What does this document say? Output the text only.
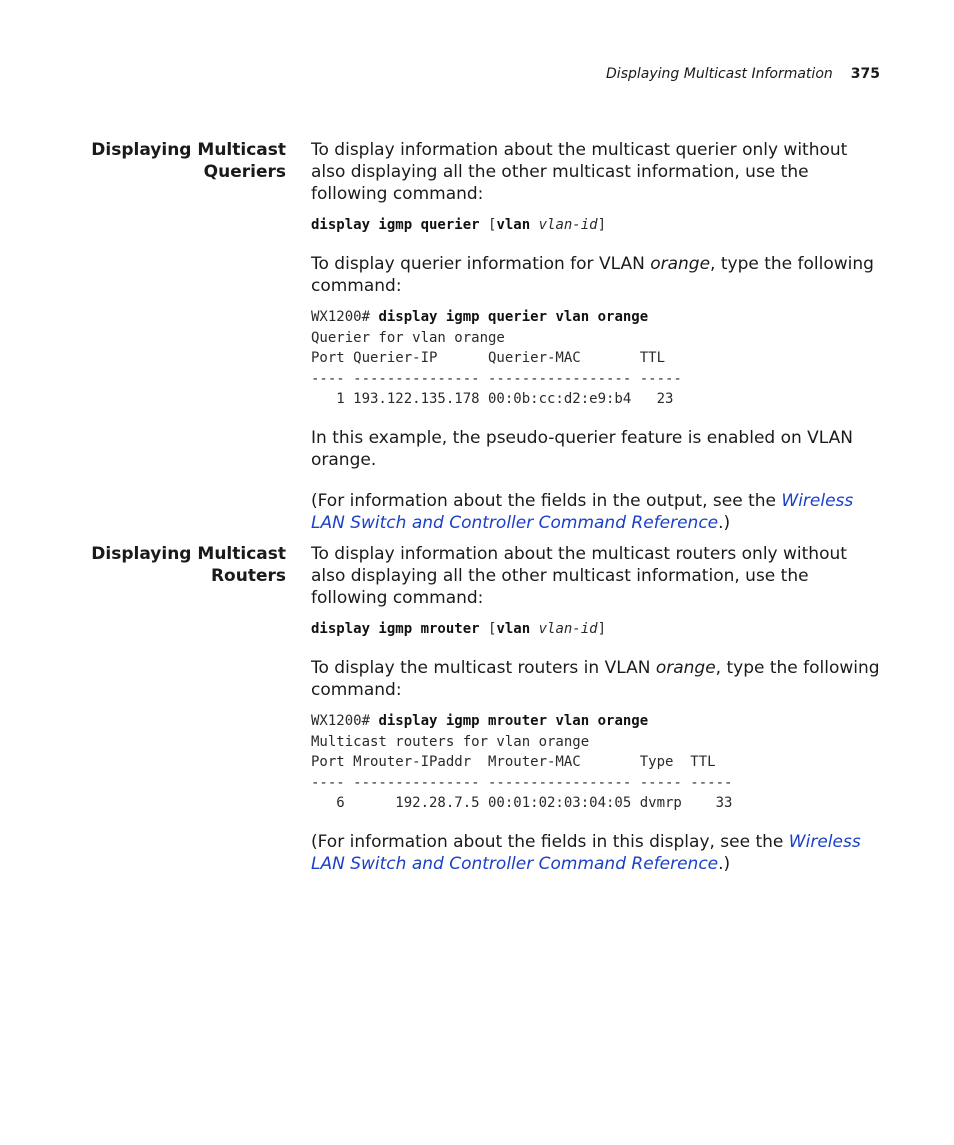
Displaying Multicast Information 375
Displaying Multicast
Queriers

To display information about the multicast querier only without also displaying all the other multicast information, use the following command:

display igmp querier [vlan vlan-id]

To display querier information for VLAN orange, type the following command:

WX1200# display igmp querier vlan orange
Querier for vlan orange
Port Querier-IP      Querier-MAC       TTL
---- --------------- ----------------- -----
1 193.122.135.178 00:0b:cc:d2:e9:b4   23

In this example, the pseudo-querier feature is enabled on VLAN orange.

(For information about the fields in the output, see the Wireless LAN Switch and Controller Command Reference.)

Displaying Multicast
Routers

To display information about the multicast routers only without also displaying all the other multicast information, use the following command:

display igmp mrouter [vlan vlan-id]

To display the multicast routers in VLAN orange, type the following command:

WX1200# display igmp mrouter vlan orange
Multicast routers for vlan orange
Port Mrouter-IPaddr  Mrouter-MAC       Type  TTL
---- --------------- ----------------- ----- -----
6      192.28.7.5 00:01:02:03:04:05 dvmrp    33

(For information about the fields in this display, see the Wireless LAN Switch and Controller Command Reference.)
